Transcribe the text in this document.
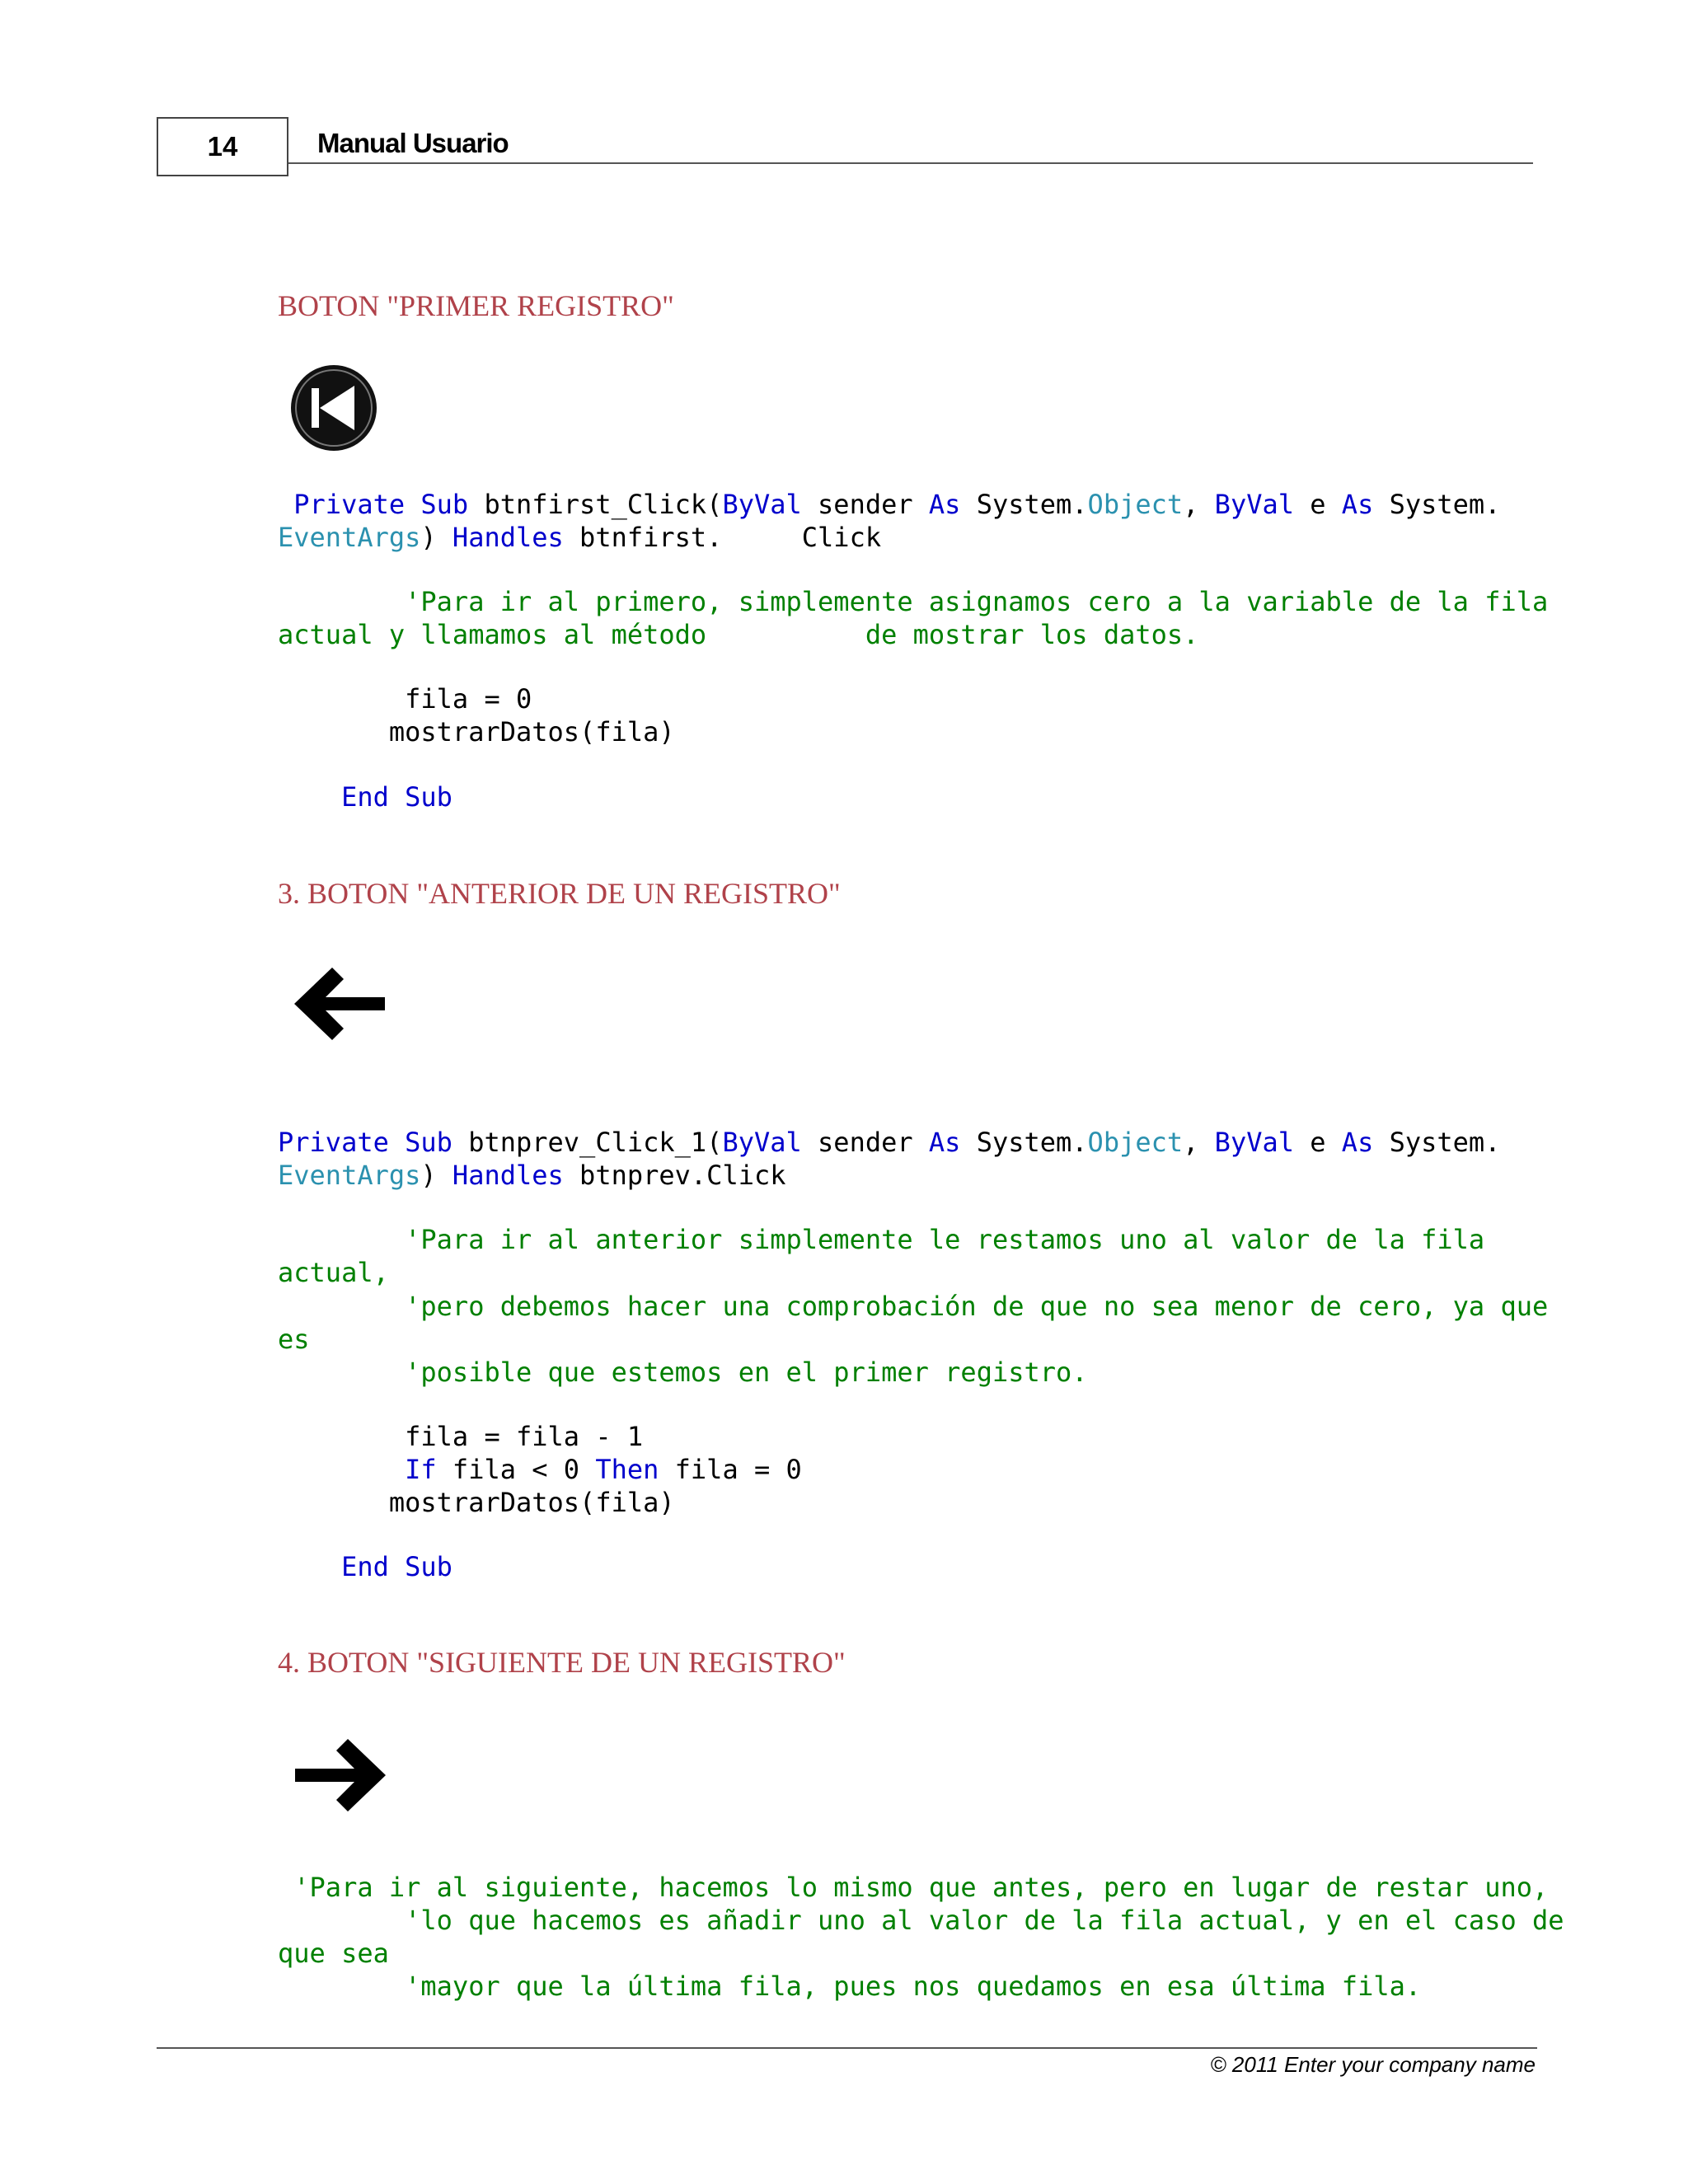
14	Manual Usuario
BOTON "PRIMER REGISTRO"
Private Sub btnfirst_Click(ByVal sender As System.Object, ByVal e As System.
EventArgs) Handles btnfirst.     Click
'Para ir al primero, simplemente asignamos cero a la variable de la fila
actual y llamamos al método          de mostrar los datos.
fila = 0
mostrarDatos(fila)
End Sub
3. BOTON "ANTERIOR DE UN REGISTRO"
Private Sub btnprev_Click_1(ByVal sender As System.Object, ByVal e As System.
EventArgs) Handles btnprev.Click
'Para ir al anterior simplemente le restamos uno al valor de la fila
actual,
'pero debemos hacer una comprobación de que no sea menor de cero, ya que
es
'posible que estemos en el primer registro.
fila = fila - 1
If fila < 0 Then fila = 0
mostrarDatos(fila)
End Sub
4. BOTON "SIGUIENTE DE UN REGISTRO"
'Para ir al siguiente, hacemos lo mismo que antes, pero en lugar de restar uno,
'lo que hacemos es añadir uno al valor de la fila actual, y en el caso de
que sea
'mayor que la última fila, pues nos quedamos en esa última fila.
© 2011 Enter your company name
